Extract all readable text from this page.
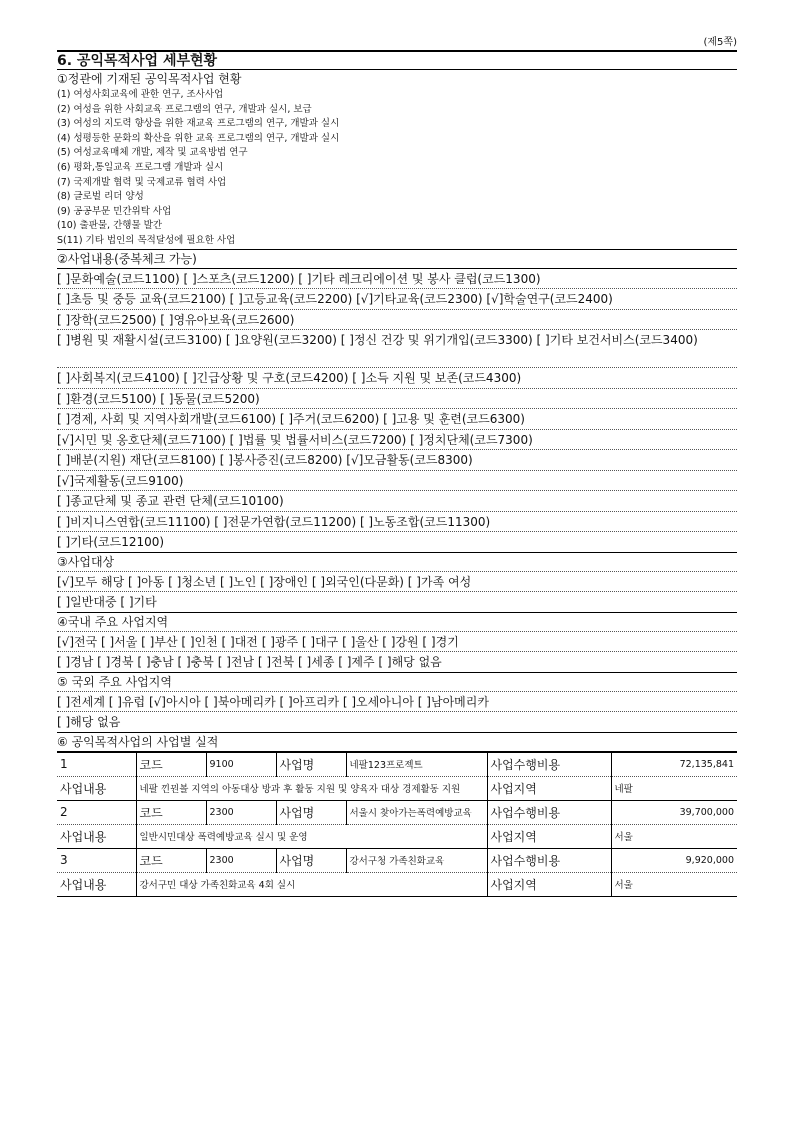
(제5쪽)
6. 공익목적사업 세부현황
①정관에 기재된 공익목적사업 현황
(1) 여성사회교육에 관한 연구, 조사사업
(2) 여성을 위한 사회교육 프로그램의 연구, 개발과 실시, 보급
(3) 여성의 지도력 향상을 위한 재교육 프로그램의 연구, 개발과 실시
(4) 성평등한 문화의 확산을 위한 교육 프로그램의 연구, 개발과 실시
(5) 여성교육매체 개발, 제작 및 교육방법 연구
(6) 평화,통일교육 프로그램 개발과 실시
(7) 국제개발 협력 및 국제교류 협력 사업
(8) 글로벌 리더 양성
(9) 공공부문 민간위탁 사업
(10) 출판물, 간행물 발간
S(11) 기타 법인의 목적달성에 필요한 사업
②사업내용(중복체크 가능)
[ ]문화예술(코드1100) [ ]스포츠(코드1200) [ ]기타 레크리에이션 및 봉사 클럽(코드1300)
[ ]초등 및 중등 교육(코드2100) [ ]고등교육(코드2200) [√]기타교육(코드2300) [√]학술연구(코드2400)
[ ]장학(코드2500) [ ]영유아보육(코드2600)
[ ]병원 및 재활시설(코드3100) [ ]요양원(코드3200) [ ]정신 건강 및 위기개입(코드3300) [ ]기타 보건서비스(코드3400)
[ ]사회복지(코드4100) [ ]긴급상황 및 구호(코드4200) [ ]소득 지원 및 보존(코드4300)
[ ]환경(코드5100) [ ]동물(코드5200)
[ ]경제, 사회 및 지역사회개발(코드6100) [ ]주거(코드6200) [ ]고용 및 훈련(코드6300)
[√]시민 및 옹호단체(코드7100) [ ]법률 및 법률서비스(코드7200) [ ]정치단체(코드7300)
[ ]배분(지원) 재단(코드8100) [ ]봉사증진(코드8200) [√]모금활동(코드8300)
[√]국제활동(코드9100)
[ ]종교단체 및 종교 관련 단체(코드10100)
[ ]비지니스연합(코드11100) [ ]전문가연합(코드11200) [ ]노동조합(코드11300)
[ ]기타(코드12100)
③사업대상
[√]모두 해당 [ ]아동 [ ]청소년 [ ]노인 [ ]장애인 [ ]외국인(다문화) [ ]가족 여성
[ ]일반대중 [ ]기타
④국내 주요 사업지역
[√]전국 [ ]서울 [ ]부산 [ ]인천 [ ]대전 [ ]광주 [ ]대구 [ ]울산 [ ]강원 [ ]경기
[ ]경남 [ ]경북 [ ]충남 [ ]충북 [ ]전남 [ ]전북 [ ]세종 [ ]제주 [ ]해당 없음
⑤ 국외 주요 사업지역
[ ]전세계 [ ]유럽 [√]아시아 [ ]북아메리카 [ ]아프리카 [ ]오세아니아 [ ]남아메리카
[ ]해당 없음
⑥ 공익목적사업의 사업별 실적
1	코드	9100	사업명	네팔123프로젝트	사업수행비용	72,135,841
사업내용	네팔 낀꿘볼 지역의 아동대상 방과 후 활동 지원 및 양육자 대상 경제활동 지원				사업지역	네팔
2	코드	2300	사업명	서울시 찾아가는폭력예방교육	사업수행비용	39,700,000
사업내용	일반시민대상 폭력예방교육 실시 및 운영				사업지역	서울
3	코드	2300	사업명	강서구청 가족친화교육	사업수행비용	9,920,000
사업내용	강서구민 대상 가족친화교육 4회 실시				사업지역	서울
